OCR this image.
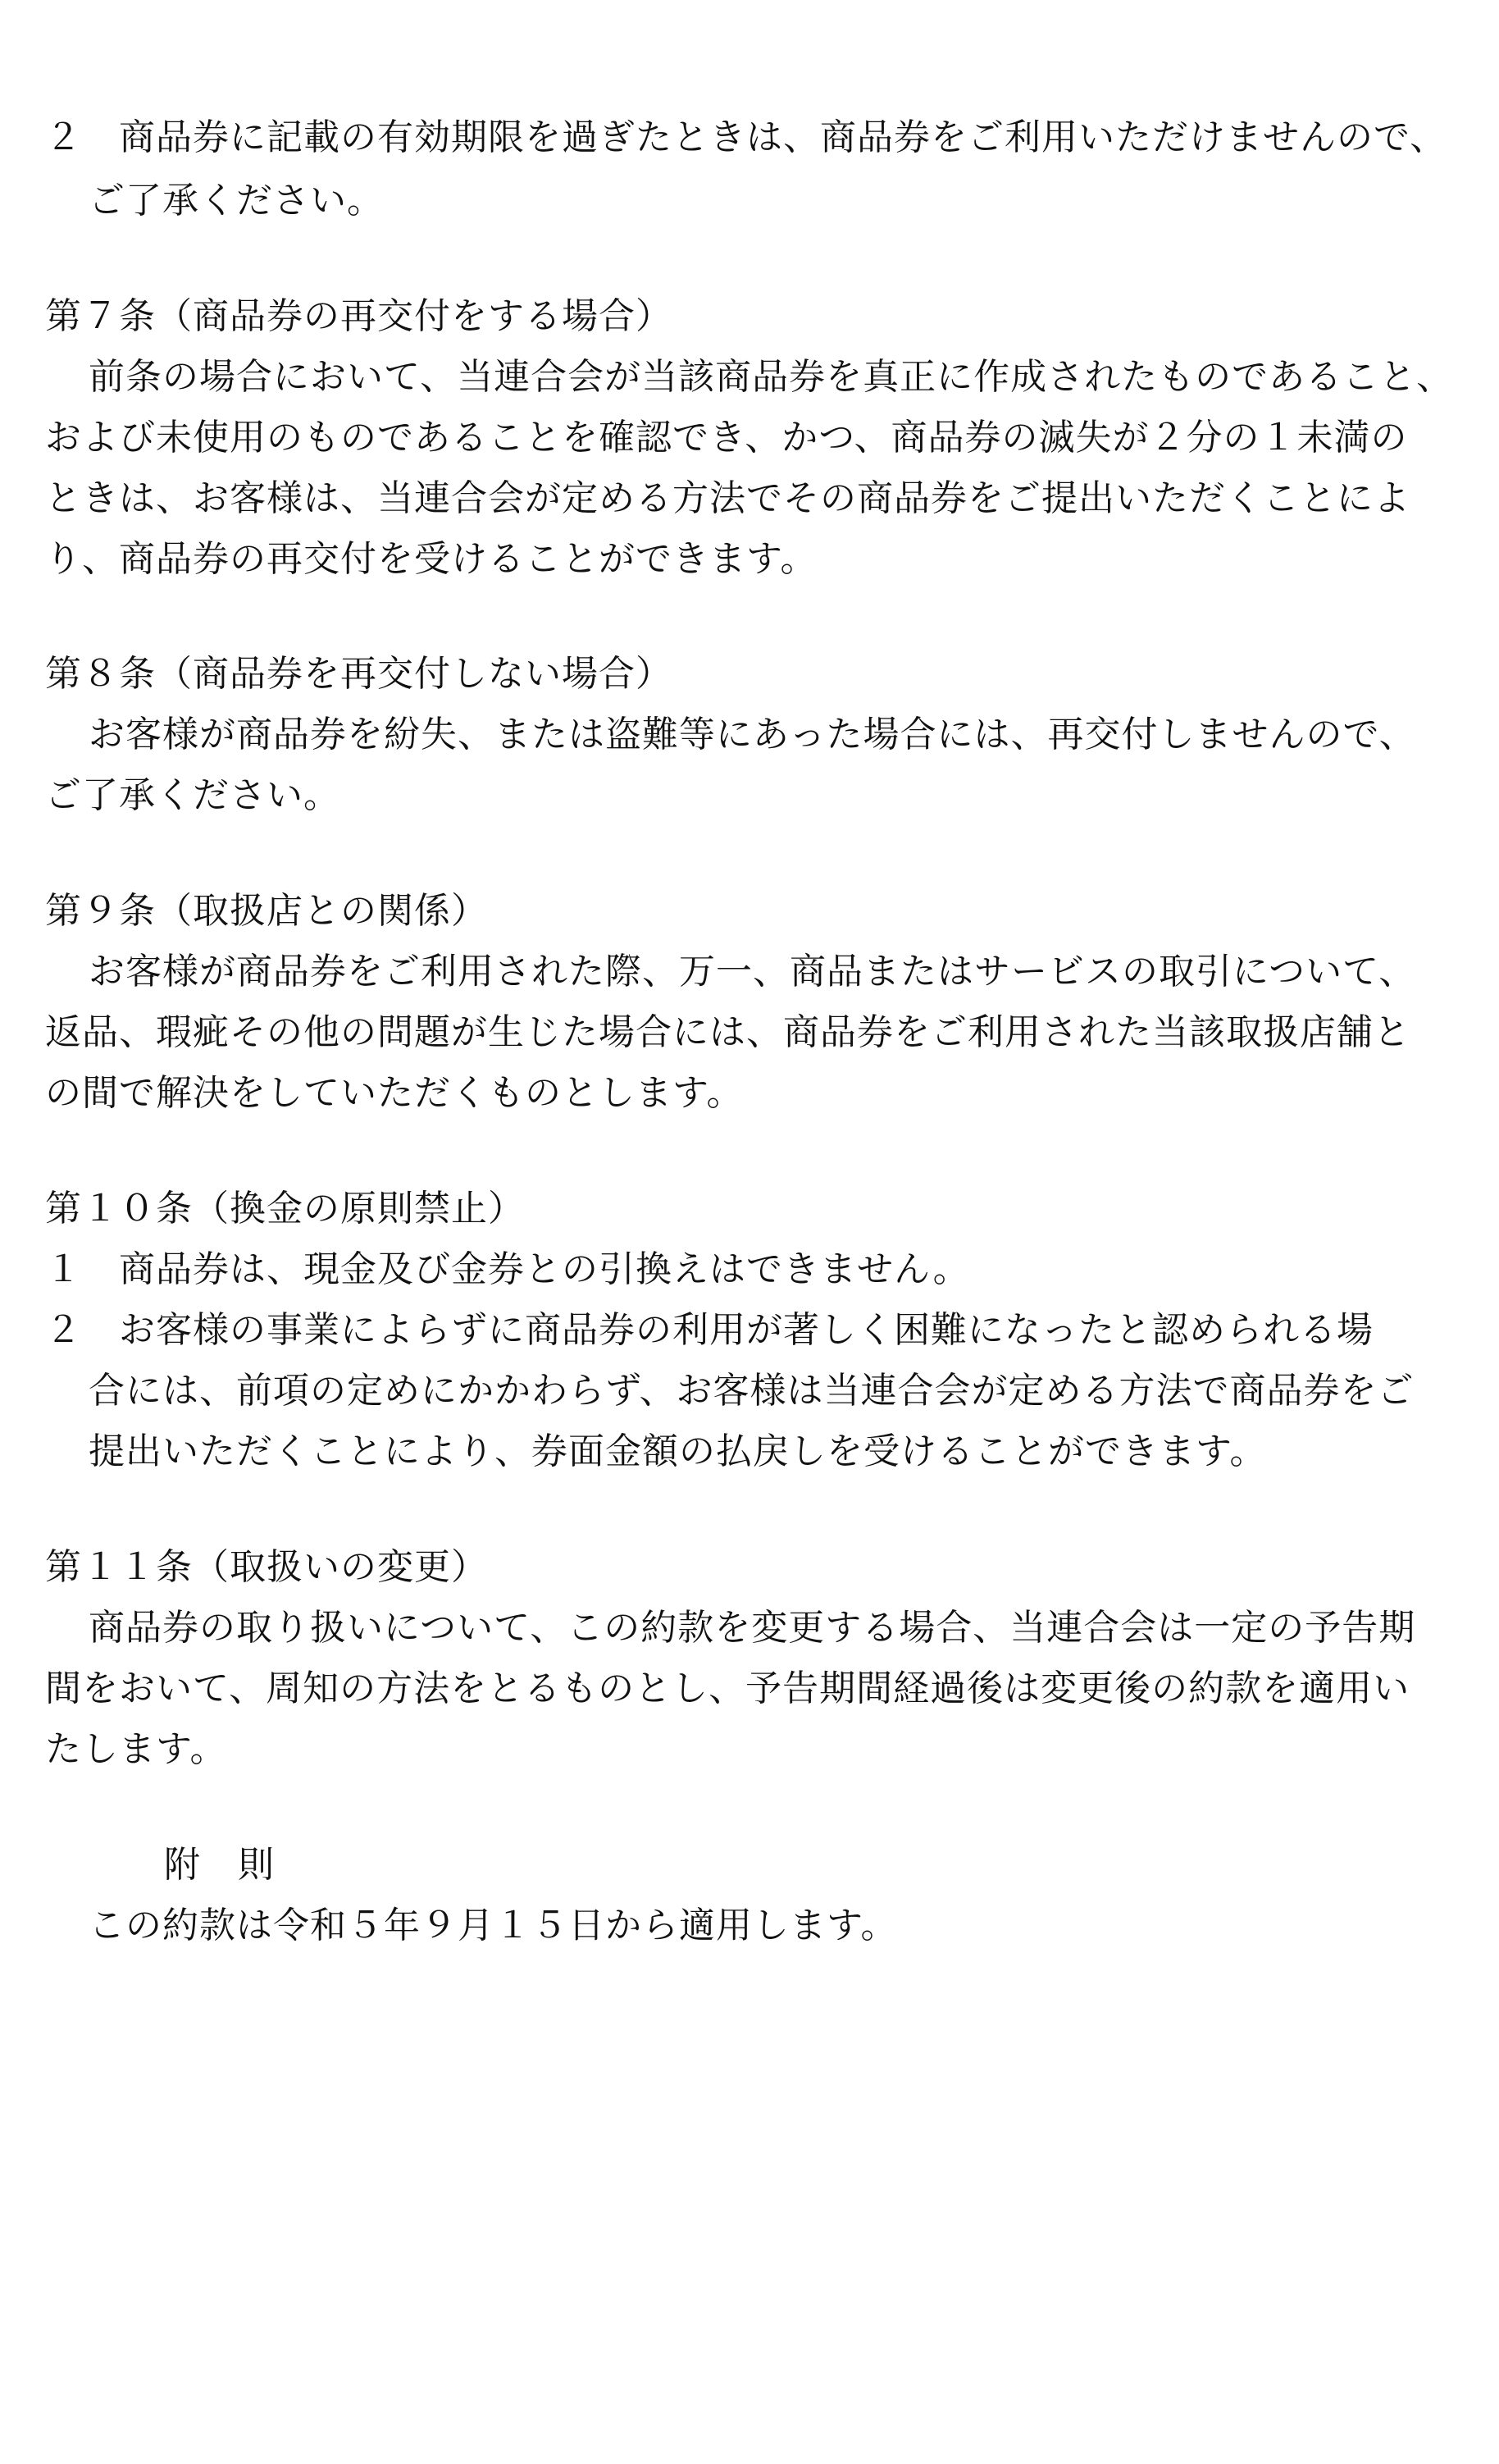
２　商品券に記載の有効期限を過ぎたときは、商品券をご利用いただけませんので、
ご了承ください。
第７条（商品券の再交付をする場合）
前条の場合において、当連合会が当該商品券を真正に作成されたものであること、
および未使用のものであることを確認でき、かつ、商品券の滅失が２分の１未満の
ときは、お客様は、当連合会が定める方法でその商品券をご提出いただくことによ
り、商品券の再交付を受けることができます。
第８条（商品券を再交付しない場合）
お客様が商品券を紛失、または盗難等にあった場合には、再交付しませんので、
ご了承ください。
第９条（取扱店との関係）
お客様が商品券をご利用された際、万一、商品またはサービスの取引について、
返品、瑕疵その他の問題が生じた場合には、商品券をご利用された当該取扱店舗と
の間で解決をしていただくものとします。
第１０条（換金の原則禁止）
１　商品券は、現金及び金券との引換えはできません。
２　お客様の事業によらずに商品券の利用が著しく困難になったと認められる場
合には、前項の定めにかかわらず、お客様は当連合会が定める方法で商品券をご
提出いただくことにより、券面金額の払戻しを受けることができます。
第１１条（取扱いの変更）
商品券の取り扱いについて、この約款を変更する場合、当連合会は一定の予告期
間をおいて、周知の方法をとるものとし、予告期間経過後は変更後の約款を適用い
たします。
附　則
この約款は令和５年９月１５日から適用します。
